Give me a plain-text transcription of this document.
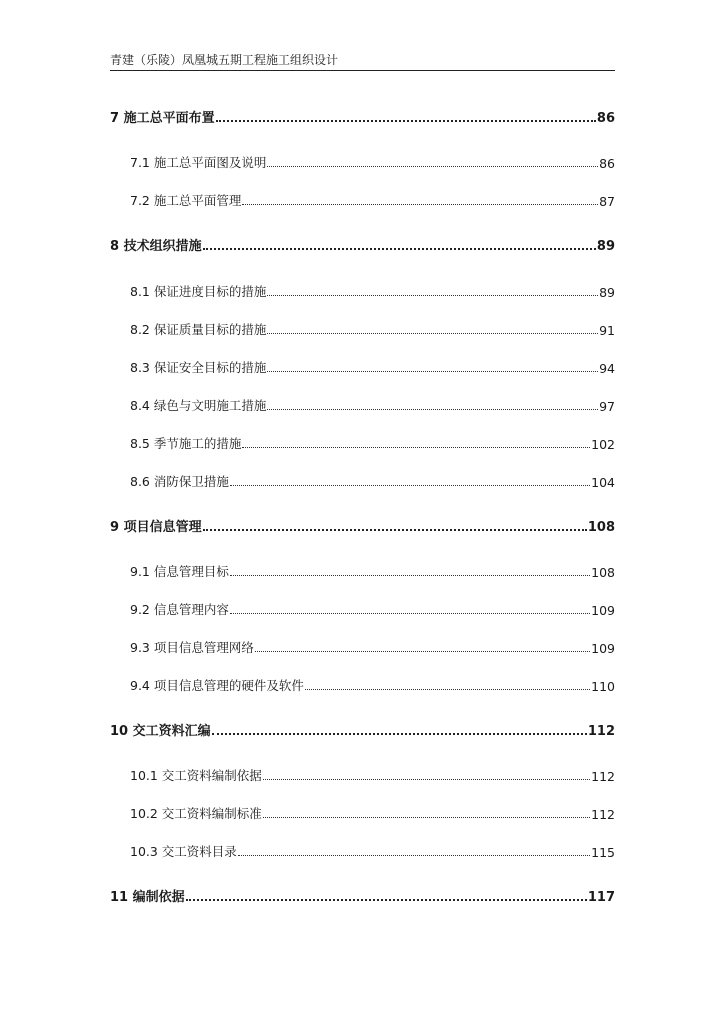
青建（乐陵）凤凰城五期工程施工组织设计
7 施工总平面布置	86
7.1 施工总平面图及说明	86
7.2 施工总平面管理	87
8 技术组织措施	89
8.1 保证进度目标的措施	89
8.2 保证质量目标的措施	91
8.3 保证安全目标的措施	94
8.4 绿色与文明施工措施	97
8.5 季节施工的措施	102
8.6 消防保卫措施	104
9 项目信息管理	108
9.1 信息管理目标	108
9.2 信息管理内容	109
9.3 项目信息管理网络	109
9.4 项目信息管理的硬件及软件	110
10 交工资料汇编	112
10.1 交工资料编制依据	112
10.2 交工资料编制标准	112
10.3 交工资料目录	115
11 编制依据	117
